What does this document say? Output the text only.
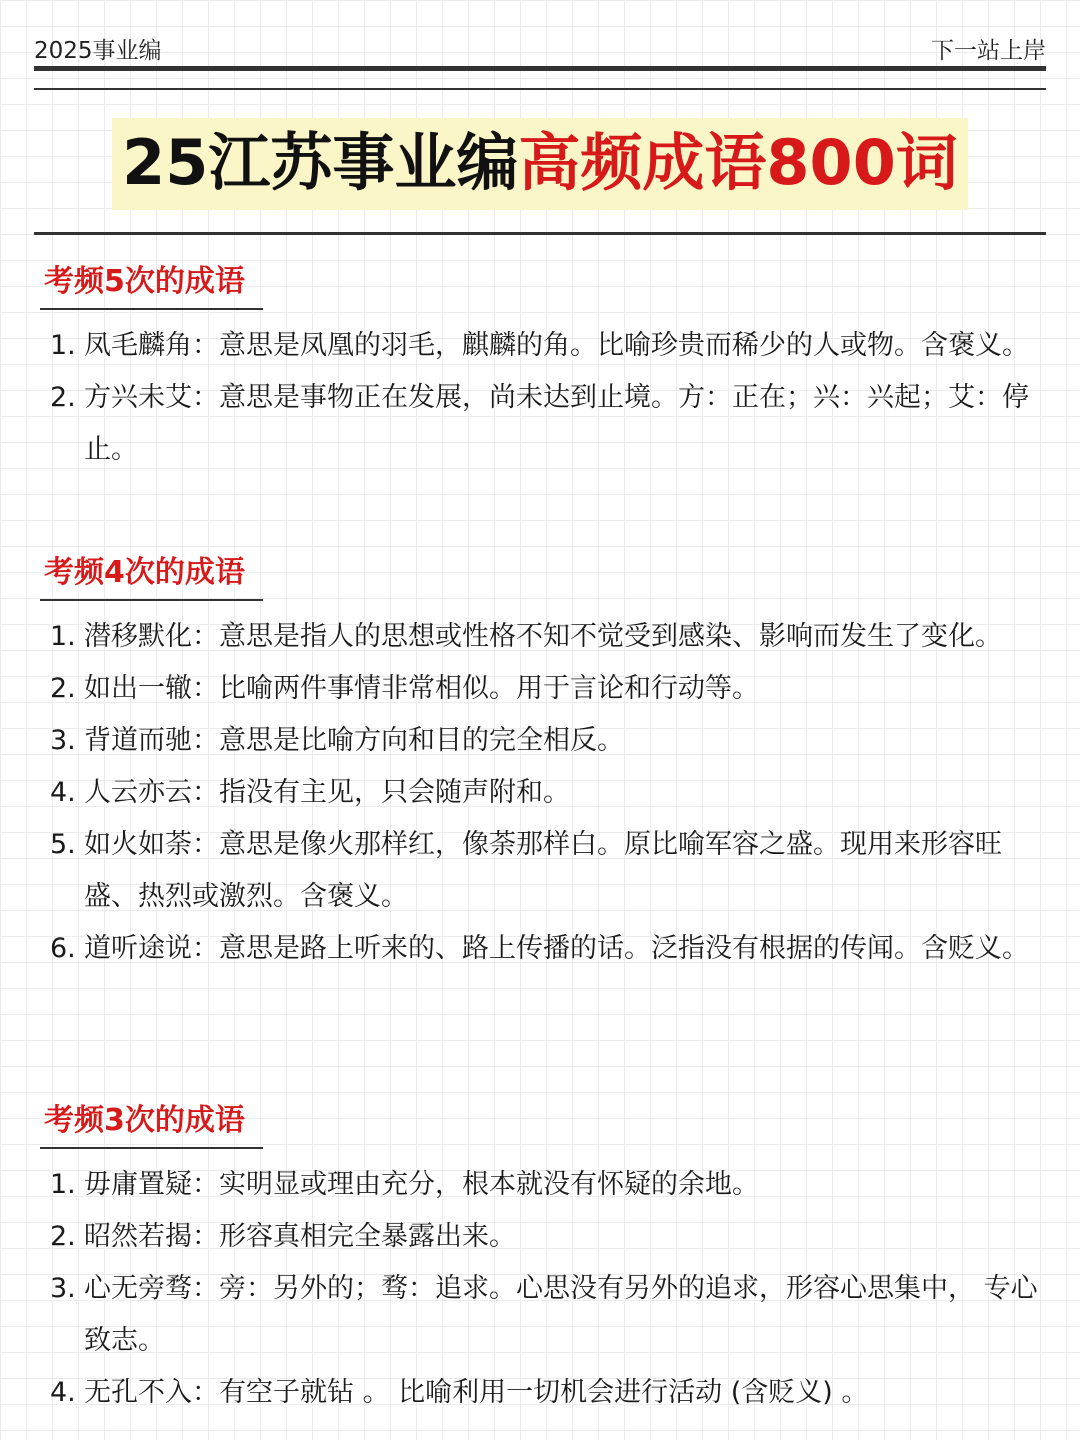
2025事业编	下一站上岸
25江苏事业编高频成语800词
考频5次的成语
1. 凤毛麟角：意思是凤凰的羽毛，麒麟的角。比喻珍贵而稀少的人或物。含褒义。
2. 方兴未艾：意思是事物正在发展，尚未达到止境。方：正在；兴：兴起；艾：停止。
考频4次的成语
1. 潜移默化：意思是指人的思想或性格不知不觉受到感染、影响而发生了变化。
2. 如出一辙：比喻两件事情非常相似。用于言论和行动等。
3. 背道而驰：意思是比喻方向和目的完全相反。
4. 人云亦云：指没有主见，只会随声附和。
5. 如火如荼：意思是像火那样红，像荼那样白。原比喻军容之盛。现用来形容旺盛、热烈或激烈。含褒义。
6. 道听途说：意思是路上听来的、路上传播的话。泛指没有根据的传闻。含贬义。
考频3次的成语
1. 毋庸置疑：实明显或理由充分，根本就没有怀疑的余地。
2. 昭然若揭：形容真相完全暴露出来。
3. 心无旁骛：旁：另外的；骛：追求。心思没有另外的追求，形容心思集中， 专心致志。
4. 无孔不入：有空子就钻 。 比喻利用一切机会进行活动 (含贬义) 。
